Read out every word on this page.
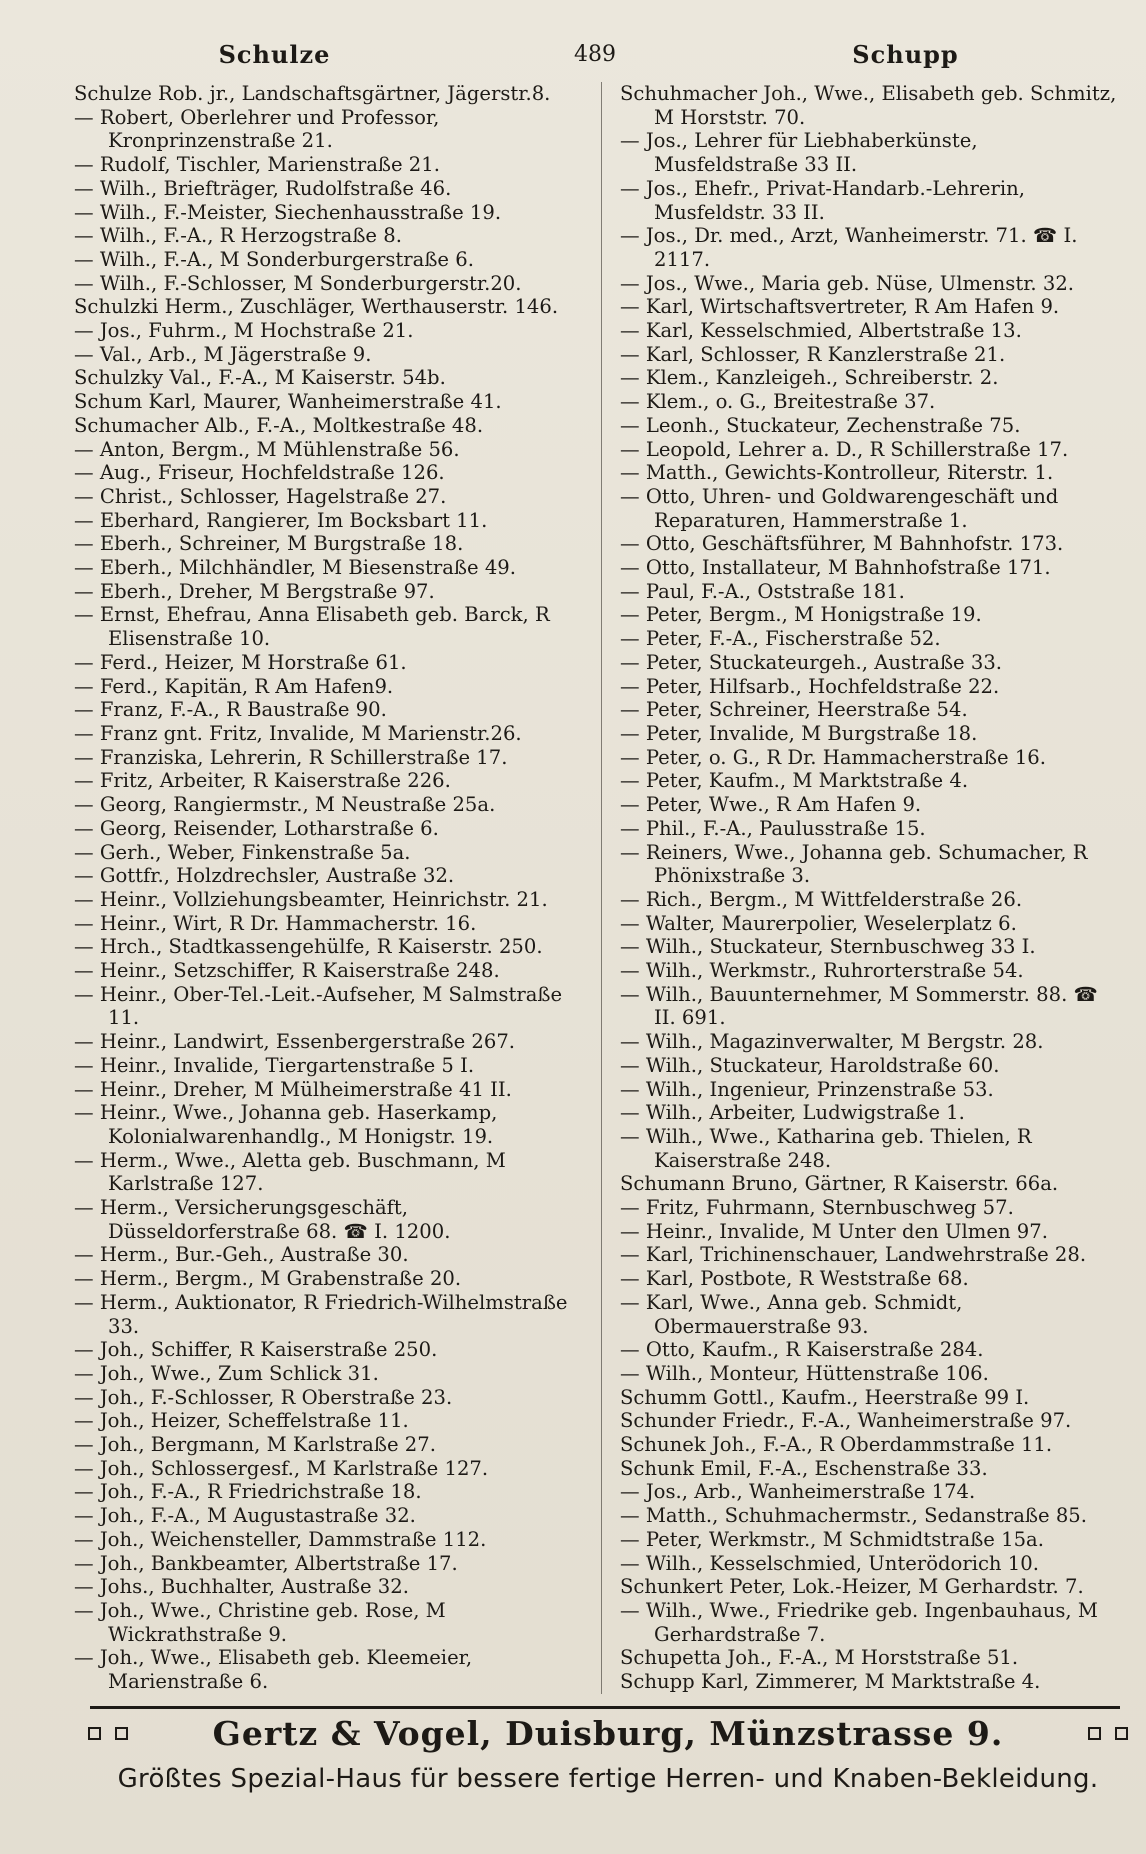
Schulze	489	Schupp
Schulze Rob. jr., Landschaftsgärtner, Jägerstr.8.
— Robert, Oberlehrer und Professor, Kronprinzenstraße 21.
— Rudolf, Tischler, Marienstraße 21.
— Wilh., Briefträger, Rudolfstraße 46.
— Wilh., F.-Meister, Siechenhausstraße 19.
— Wilh., F.-A., R Herzogstraße 8.
— Wilh., F.-A., M Sonderburgerstraße 6.
— Wilh., F.-Schlosser, M Sonderburgerstr.20.
Schulzki Herm., Zuschläger, Werthauserstr. 146.
— Jos., Fuhrm., M Hochstraße 21.
— Val., Arb., M Jägerstraße 9.
Schulzky Val., F.-A., M Kaiserstr. 54b.
Schum Karl, Maurer, Wanheimerstraße 41.
Schumacher Alb., F.-A., Moltkestraße 48.
— Anton, Bergm., M Mühlenstraße 56.
— Aug., Friseur, Hochfeldstraße 126.
— Christ., Schlosser, Hagelstraße 27.
— Eberhard, Rangierer, Im Bocksbart 11.
— Eberh., Schreiner, M Burgstraße 18.
— Eberh., Milchhändler, M Biesenstraße 49.
— Eberh., Dreher, M Bergstraße 97.
— Ernst, Ehefrau, Anna Elisabeth geb. Barck, R Elisenstraße 10.
— Ferd., Heizer, M Horstraße 61.
— Ferd., Kapitän, R Am Hafen9.
— Franz, F.-A., R Baustraße 90.
— Franz gnt. Fritz, Invalide, M Marienstr.26.
— Franziska, Lehrerin, R Schillerstraße 17.
— Fritz, Arbeiter, R Kaiserstraße 226.
— Georg, Rangiermstr., M Neustraße 25a.
— Georg, Reisender, Lotharstraße 6.
— Gerh., Weber, Finkenstraße 5a.
— Gottfr., Holzdrechsler, Austraße 32.
— Heinr., Vollziehungsbeamter, Heinrichstr. 21.
— Heinr., Wirt, R Dr. Hammacherstr. 16.
— Hrch., Stadtkassengehülfe, R Kaiserstr. 250.
— Heinr., Setzschiffer, R Kaiserstraße 248.
— Heinr., Ober-Tel.-Leit.-Aufseher, M Salmstraße 11.
— Heinr., Landwirt, Essenbergerstraße 267.
— Heinr., Invalide, Tiergartenstraße 5 I.
— Heinr., Dreher, M Mülheimerstraße 41 II.
— Heinr., Wwe., Johanna geb. Haserkamp, Kolonialwarenhandlg., M Honigstr. 19.
— Herm., Wwe., Aletta geb. Buschmann, M Karlstraße 127.
— Herm., Versicherungsgeschäft, Düsseldorferstraße 68. ☎ I. 1200.
— Herm., Bur.-Geh., Austraße 30.
— Herm., Bergm., M Grabenstraße 20.
— Herm., Auktionator, R Friedrich-Wilhelmstraße 33.
— Joh., Schiffer, R Kaiserstraße 250.
— Joh., Wwe., Zum Schlick 31.
— Joh., F.-Schlosser, R Oberstraße 23.
— Joh., Heizer, Scheffelstraße 11.
— Joh., Bergmann, M Karlstraße 27.
— Joh., Schlossergesf., M Karlstraße 127.
— Joh., F.-A., R Friedrichstraße 18.
— Joh., F.-A., M Augustastraße 32.
— Joh., Weichensteller, Dammstraße 112.
— Joh., Bankbeamter, Albertstraße 17.
— Johs., Buchhalter, Austraße 32.
— Joh., Wwe., Christine geb. Rose, M Wickrathstraße 9.
— Joh., Wwe., Elisabeth geb. Kleemeier, Marienstraße 6.
Schuhmacher Joh., Wwe., Elisabeth geb. Schmitz, M Horststr. 70.
— Jos., Lehrer für Liebhaberkünste, Musfeldstraße 33 II.
— Jos., Ehefr., Privat-Handarb.-Lehrerin, Musfeldstr. 33 II.
— Jos., Dr. med., Arzt, Wanheimerstr. 71. ☎ I. 2117.
— Jos., Wwe., Maria geb. Nüse, Ulmenstr. 32.
— Karl, Wirtschaftsvertreter, R Am Hafen 9.
— Karl, Kesselschmied, Albertstraße 13.
— Karl, Schlosser, R Kanzlerstraße 21.
— Klem., Kanzleigeh., Schreiberstr. 2.
— Klem., o. G., Breitestraße 37.
— Leonh., Stuckateur, Zechenstraße 75.
— Leopold, Lehrer a. D., R Schillerstraße 17.
— Matth., Gewichts-Kontrolleur, Riterstr. 1.
— Otto, Uhren- und Goldwarengeschäft und Reparaturen, Hammerstraße 1.
— Otto, Geschäftsführer, M Bahnhofstr. 173.
— Otto, Installateur, M Bahnhofstraße 171.
— Paul, F.-A., Oststraße 181.
— Peter, Bergm., M Honigstraße 19.
— Peter, F.-A., Fischerstraße 52.
— Peter, Stuckateurgeh., Austraße 33.
— Peter, Hilfsarb., Hochfeldstraße 22.
— Peter, Schreiner, Heerstraße 54.
— Peter, Invalide, M Burgstraße 18.
— Peter, o. G., R Dr. Hammacherstraße 16.
— Peter, Kaufm., M Marktstraße 4.
— Peter, Wwe., R Am Hafen 9.
— Phil., F.-A., Paulusstraße 15.
— Reiners, Wwe., Johanna geb. Schumacher, R Phönixstraße 3.
— Rich., Bergm., M Wittfelderstraße 26.
— Walter, Maurerpolier, Weselerplatz 6.
— Wilh., Stuckateur, Sternbuschweg 33 I.
— Wilh., Werkmstr., Ruhrorterstraße 54.
— Wilh., Bauunternehmer, M Sommerstr. 88. ☎ II. 691.
— Wilh., Magazinverwalter, M Bergstr. 28.
— Wilh., Stuckateur, Haroldstraße 60.
— Wilh., Ingenieur, Prinzenstraße 53.
— Wilh., Arbeiter, Ludwigstraße 1.
— Wilh., Wwe., Katharina geb. Thielen, R Kaiserstraße 248.
Schumann Bruno, Gärtner, R Kaiserstr. 66a.
— Fritz, Fuhrmann, Sternbuschweg 57.
— Heinr., Invalide, M Unter den Ulmen 97.
— Karl, Trichinenschauer, Landwehrstraße 28.
— Karl, Postbote, R Weststraße 68.
— Karl, Wwe., Anna geb. Schmidt, Obermauerstraße 93.
— Otto, Kaufm., R Kaiserstraße 284.
— Wilh., Monteur, Hüttenstraße 106.
Schumm Gottl., Kaufm., Heerstraße 99 I.
Schunder Friedr., F.-A., Wanheimerstraße 97.
Schunek Joh., F.-A., R Oberdammstraße 11.
Schunk Emil, F.-A., Eschenstraße 33.
— Jos., Arb., Wanheimerstraße 174.
— Matth., Schuhmachermstr., Sedanstraße 85.
— Peter, Werkmstr., M Schmidtstraße 15a.
— Wilh., Kesselschmied, Unterödorich 10.
Schunkert Peter, Lok.-Heizer, M Gerhardstr. 7.
— Wilh., Wwe., Friedrike geb. Ingenbauhaus, M Gerhardstraße 7.
Schupetta Joh., F.-A., M Horststraße 51.
Schupp Karl, Zimmerer, M Marktstraße 4.
Gertz & Vogel, Duisburg, Münzstrasse 9.
Größtes Spezial-Haus für bessere fertige Herren- und Knaben-Bekleidung.
